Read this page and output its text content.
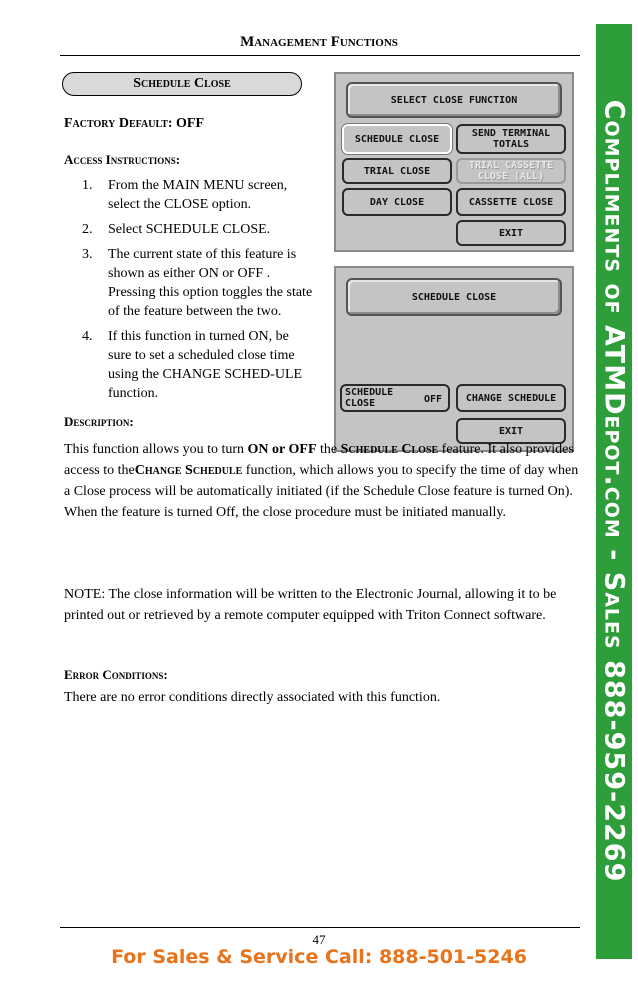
Management Functions
Schedule Close
Factory Default: OFF
Access Instructions:
1. From the MAIN MENU screen, select the CLOSE option.
2. Select SCHEDULE CLOSE.
3. The current state of this feature is shown as either ON or OFF . Pressing this option toggles the state of the feature between the two.
4. If this function in turned ON, be sure to set a scheduled close time using the CHANGE SCHED-ULE function.
SELECT CLOSE FUNCTION
SCHEDULE CLOSE	SEND TERMINAL TOTALS
TRIAL CLOSE	TRIAL CASSETTE CLOSE (ALL)
DAY CLOSE	CASSETTE CLOSE
EXIT
SCHEDULE CLOSE
SCHEDULE CLOSE	OFF	CHANGE SCHEDULE
EXIT
Description:
This function allows you to turn ON or OFF the Schedule Close feature. It also provides access to theChange Schedule function, which allows you to specify the time of day when a Close process will be automatically initiated (if the Schedule Close feature is turned On). When the feature is turned Off, the close procedure must be initiated manually.
NOTE: The close information will be written to the Electronic Journal, allowing it to be printed out or retrieved by a remote computer equipped with Triton Connect software.
Error Conditions:
There are no error conditions directly associated with this function.
47
For Sales & Service Call: 888-501-5246
Compliments of ATMDepot.com - Sales 888-959-2269
